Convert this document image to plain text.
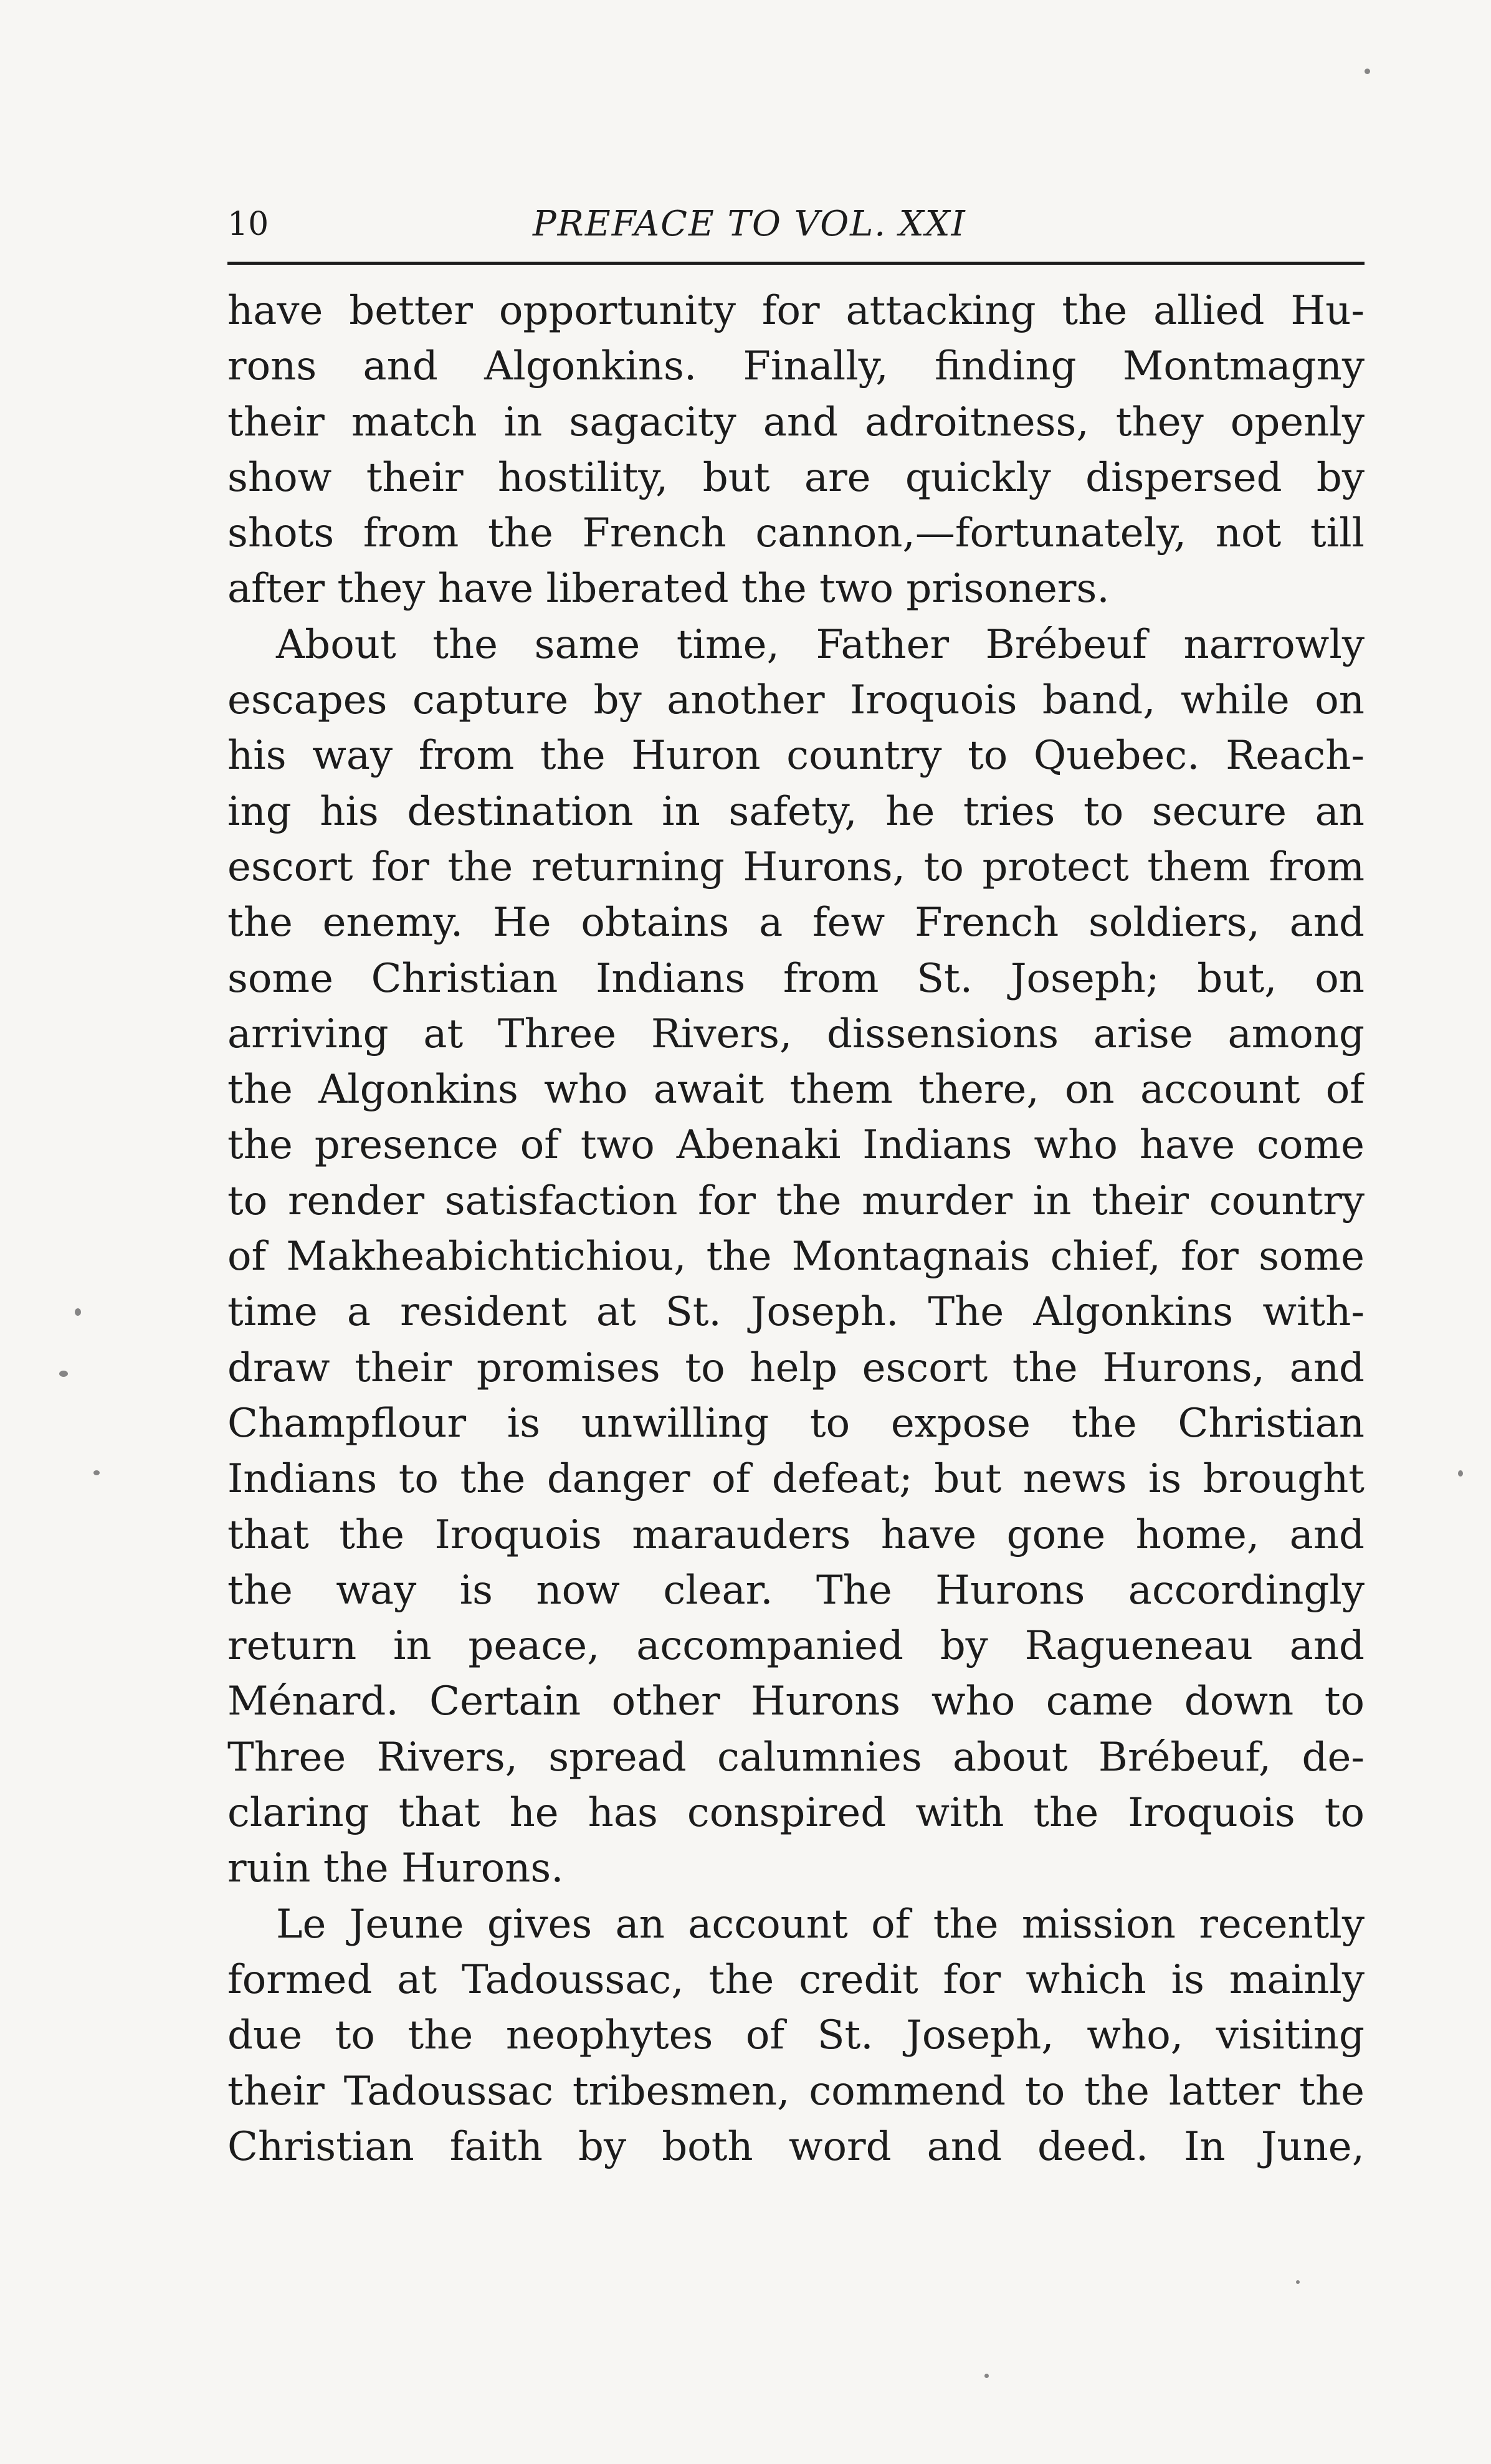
10	PREFACE TO VOL. XXI
have better opportunity for attacking the allied Hu-
rons and Algonkins. Finally, finding Montmagny
their match in sagacity and adroitness, they openly
show their hostility, but are quickly dispersed by
shots from the French cannon,—fortunately, not till
after they have liberated the two prisoners.
About the same time, Father Brébeuf narrowly
escapes capture by another Iroquois band, while on
his way from the Huron country to Quebec. Reach-
ing his destination in safety, he tries to secure an
escort for the returning Hurons, to protect them from
the enemy. He obtains a few French soldiers, and
some Christian Indians from St. Joseph; but, on
arriving at Three Rivers, dissensions arise among
the Algonkins who await them there, on account of
the presence of two Abenaki Indians who have come
to render satisfaction for the murder in their country
of Makheabichtichiou, the Montagnais chief, for some
time a resident at St. Joseph. The Algonkins with-
draw their promises to help escort the Hurons, and
Champflour is unwilling to expose the Christian
Indians to the danger of defeat; but news is brought
that the Iroquois marauders have gone home, and
the way is now clear. The Hurons accordingly
return in peace, accompanied by Ragueneau and
Ménard. Certain other Hurons who came down to
Three Rivers, spread calumnies about Brébeuf, de-
claring that he has conspired with the Iroquois to
ruin the Hurons.
Le Jeune gives an account of the mission recently
formed at Tadoussac, the credit for which is mainly
due to the neophytes of St. Joseph, who, visiting
their Tadoussac tribesmen, commend to the latter the
Christian faith by both word and deed. In June,
